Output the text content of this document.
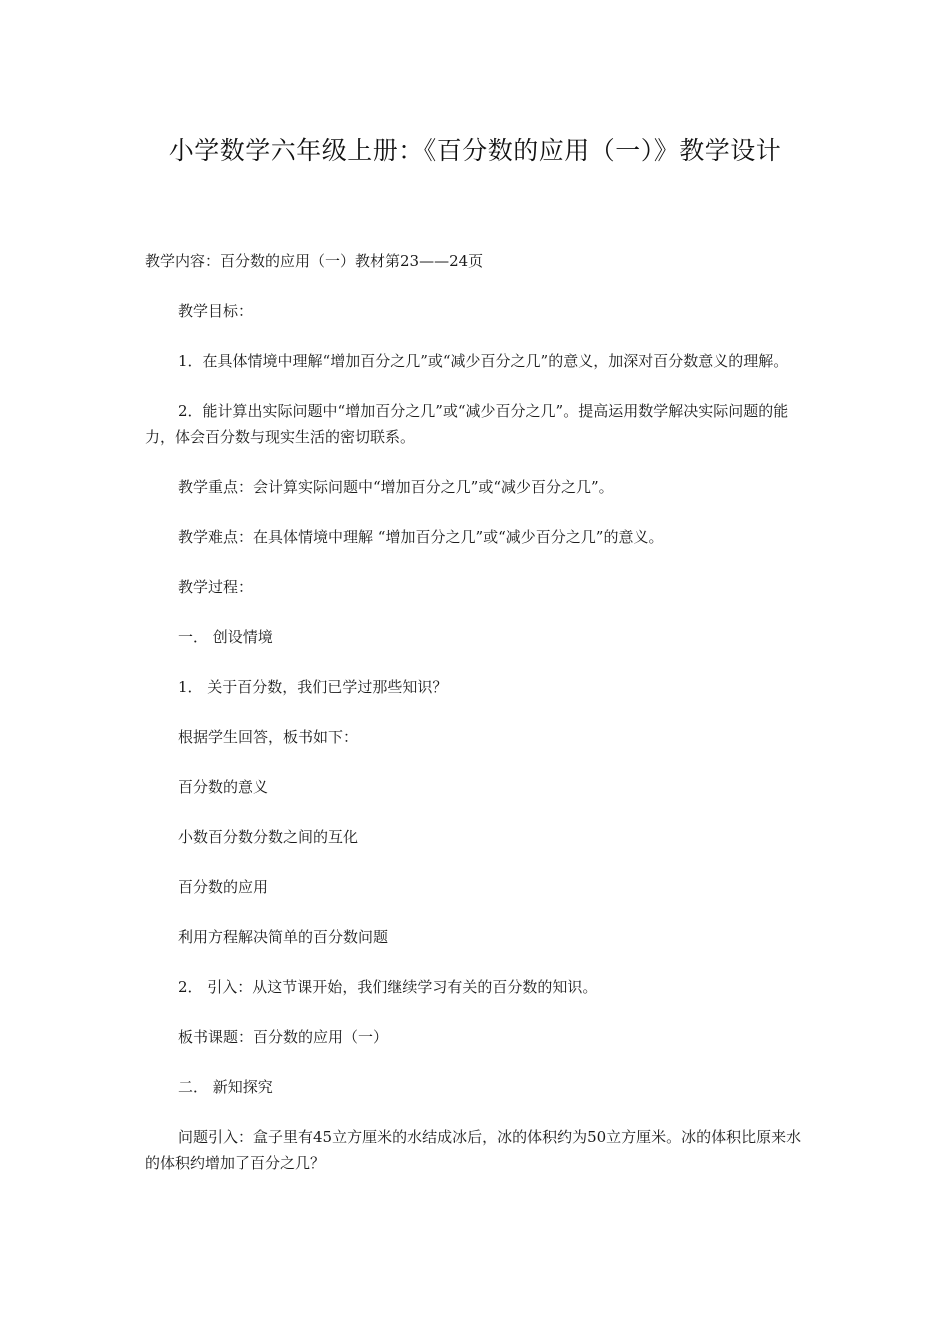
小学数学六年级上册：《百分数的应用（一）》教学设计

教学内容：百分数的应用（一）教材第23——24页

教学目标：

1．在具体情境中理解“增加百分之几”或“减少百分之几”的意义，加深对百分数意义的理解。

2．能计算出实际问题中“增加百分之几”或“减少百分之几”。提高运用数学解决实际问题的能力，体会百分数与现实生活的密切联系。

教学重点：会计算实际问题中“增加百分之几”或“减少百分之几”。

教学难点：在具体情境中理解 “增加百分之几”或“减少百分之几”的意义。

教学过程：

一． 创设情境

1． 关于百分数，我们已学过那些知识？

根据学生回答，板书如下：

百分数的意义

小数百分数分数之间的互化

百分数的应用

利用方程解决简单的百分数问题

2． 引入：从这节课开始，我们继续学习有关的百分数的知识。

板书课题：百分数的应用（一）

二． 新知探究

问题引入：盒子里有45立方厘米的水结成冰后，冰的体积约为50立方厘米。冰的体积比原来水的体积约增加了百分之几？
